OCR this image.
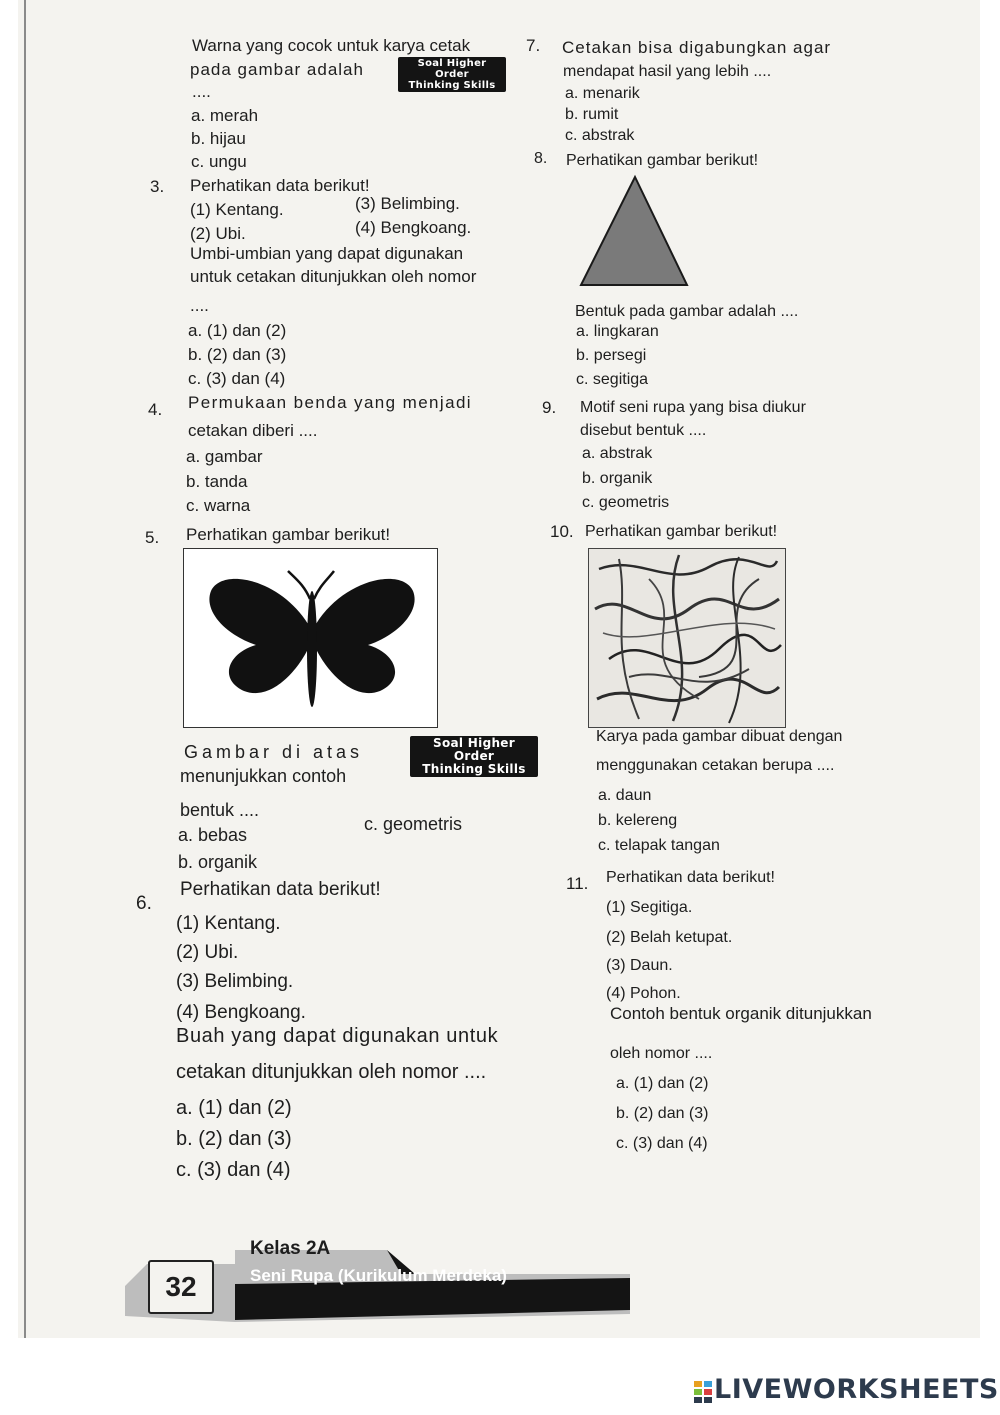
Warna yang cocok untuk karya cetak
pada gambar adalah	Soal Higher Order
Thinking Skills
....
a. merah
b. hijau
c. ungu
3. Perhatikan data berikut!
(1) Kentang.
(2) Ubi.
(3) Belimbing.
(4) Bengkoang.
Umbi-umbian yang dapat digunakan
untuk cetakan ditunjukkan oleh nomor
....
a. (1) dan (2)
b. (2) dan (3)
c. (3) dan (4)
4. Permukaan benda yang menjadi
cetakan diberi ....
a. gambar
b. tanda
c. warna
5. Perhatikan gambar berikut!
Gambar di atas	Soal Higher Order
Thinking Skills
menunjukkan contoh
bentuk ....
a. bebas
b. organik
c. geometris
6.
Perhatikan data berikut!
(1) Kentang.
(2) Ubi.
(3) Belimbing.
(4) Bengkoang.
Buah yang dapat digunakan untuk
cetakan ditunjukkan oleh nomor ....
a. (1) dan (2)
b. (2) dan (3)
c. (3) dan (4)
7. Cetakan bisa digabungkan agar
mendapat hasil yang lebih ....
a. menarik
b. rumit
c. abstrak
8. Perhatikan gambar berikut!
Bentuk pada gambar adalah ....
a. lingkaran
b. persegi
c. segitiga
9. Motif seni rupa yang bisa diukur
disebut bentuk ....
a. abstrak
b. organik
c. geometris
10. Perhatikan gambar berikut!
Karya pada gambar dibuat dengan
menggunakan cetakan berupa ....
a. daun
b. kelereng
c. telapak tangan
11. Perhatikan data berikut!
(1) Segitiga.
(2) Belah ketupat.
(3) Daun.
(4) Pohon.
Contoh bentuk organik ditunjukkan
oleh nomor ....
a. (1) dan (2)
b. (2) dan (3)
c. (3) dan (4)
32
Kelas 2A
Seni Rupa (Kurikulum Merdeka)
LIVEWORKSHEETS
